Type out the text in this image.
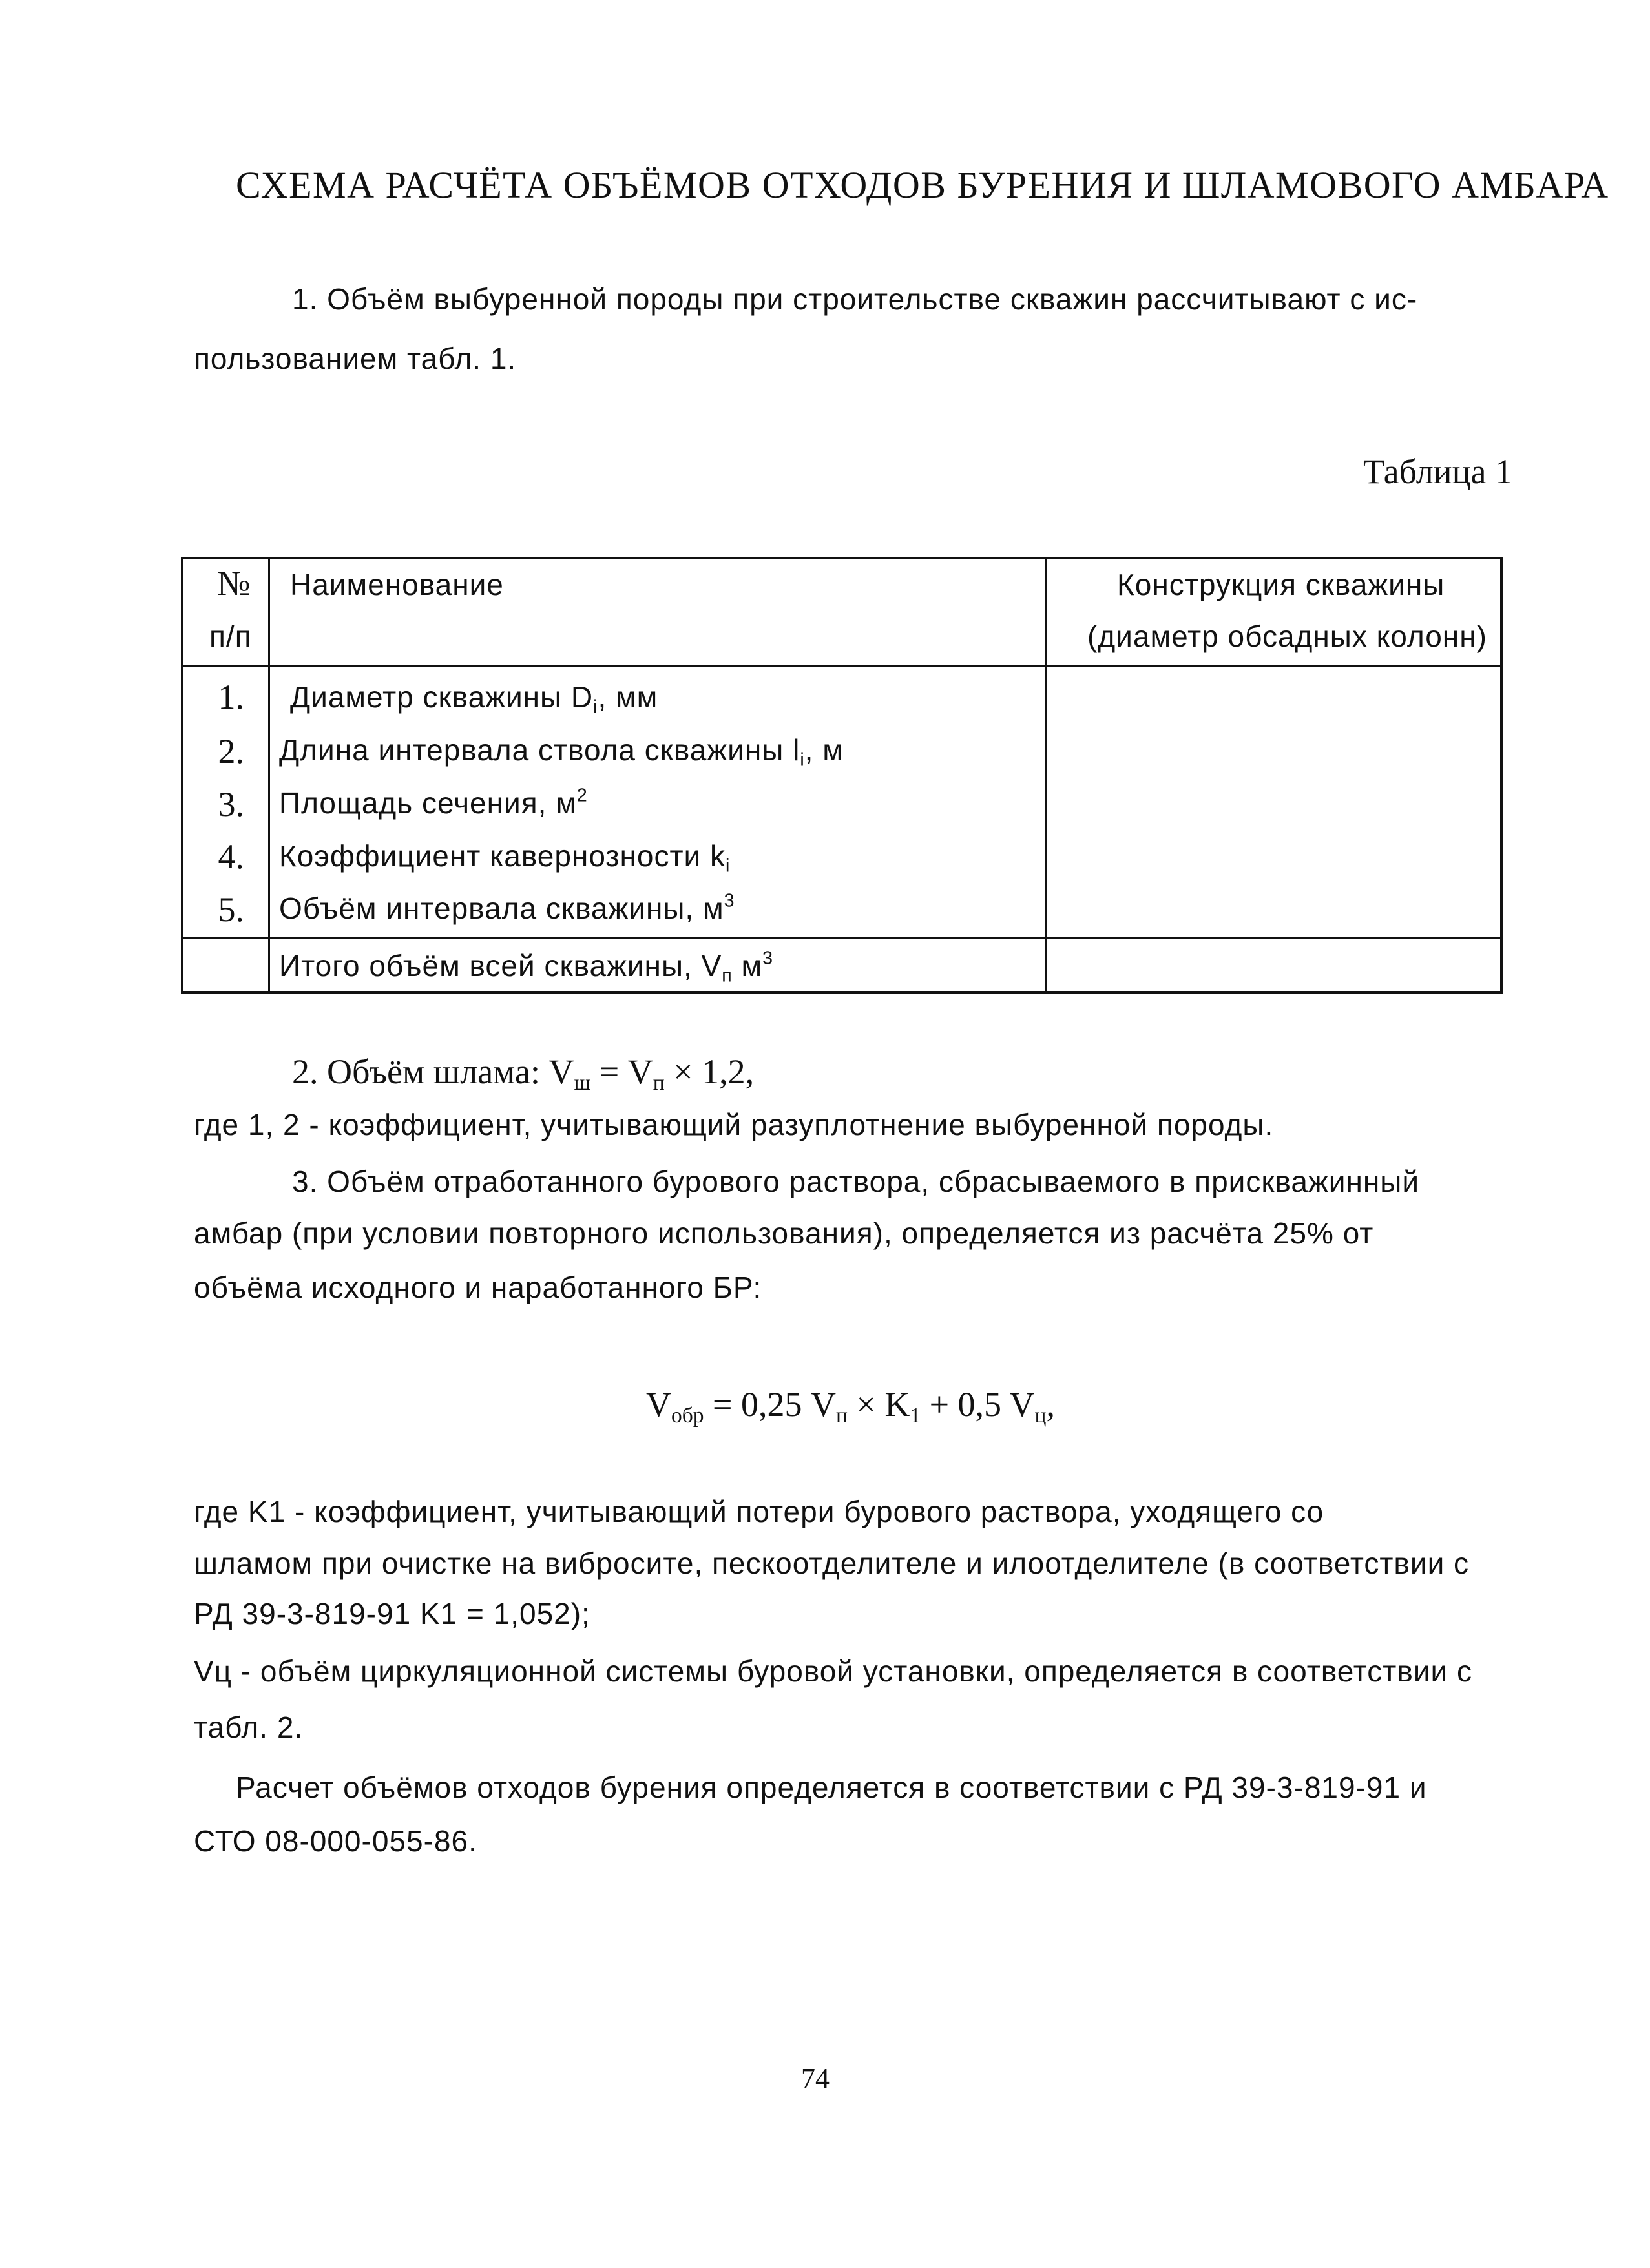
СХЕМА РАСЧЁТА ОБЪЁМОВ ОТХОДОВ БУРЕНИЯ И ШЛАМОВОГО АМБАРА
1. Объём выбуренной породы при строительстве скважин рассчитывают с ис-
пользованием табл. 1.
Таблица 1
№
п/п
Наименование	Конструкция скважины
(диаметр обсадных колонн)
1. Диаметр скважины $D_i$, мм
2. Длина интервала ствола скважины $l_i$, м
3. Площадь сечения, $м^2$
4. Коэффициент кавернозности $k_i$
5. Объём интервала скважины, $м^3$
Итого объём всей скважины, $V_п$ $м^3$
2. Объём шлама: $V_ш = V_п \times 1,2$,
где 1, 2 - коэффициент, учитывающий разуплотнение выбуренной породы.
3. Объём отработанного бурового раствора, сбрасываемого в прискважинный
амбар (при условии повторного использования), определяется из расчёта 25% от
объёма исходного и наработанного БР:
$V_{обр} = 0,25$ $V_п \times K_1 + 0,5$ $V_ц$,
где K1 - коэффициент, учитывающий потери бурового раствора, уходящего со
шламом при очистке на вибросите, пескоотделителе и илоотделителе (в соответствии с
РД 39-3-819-91 K1 = 1,052);
Vц - объём циркуляционной системы буровой установки, определяется в соответствии с
табл. 2.
Расчет объёмов отходов бурения определяется в соответствии с РД 39-3-819-91 и
СТО 08-000-055-86.
74
